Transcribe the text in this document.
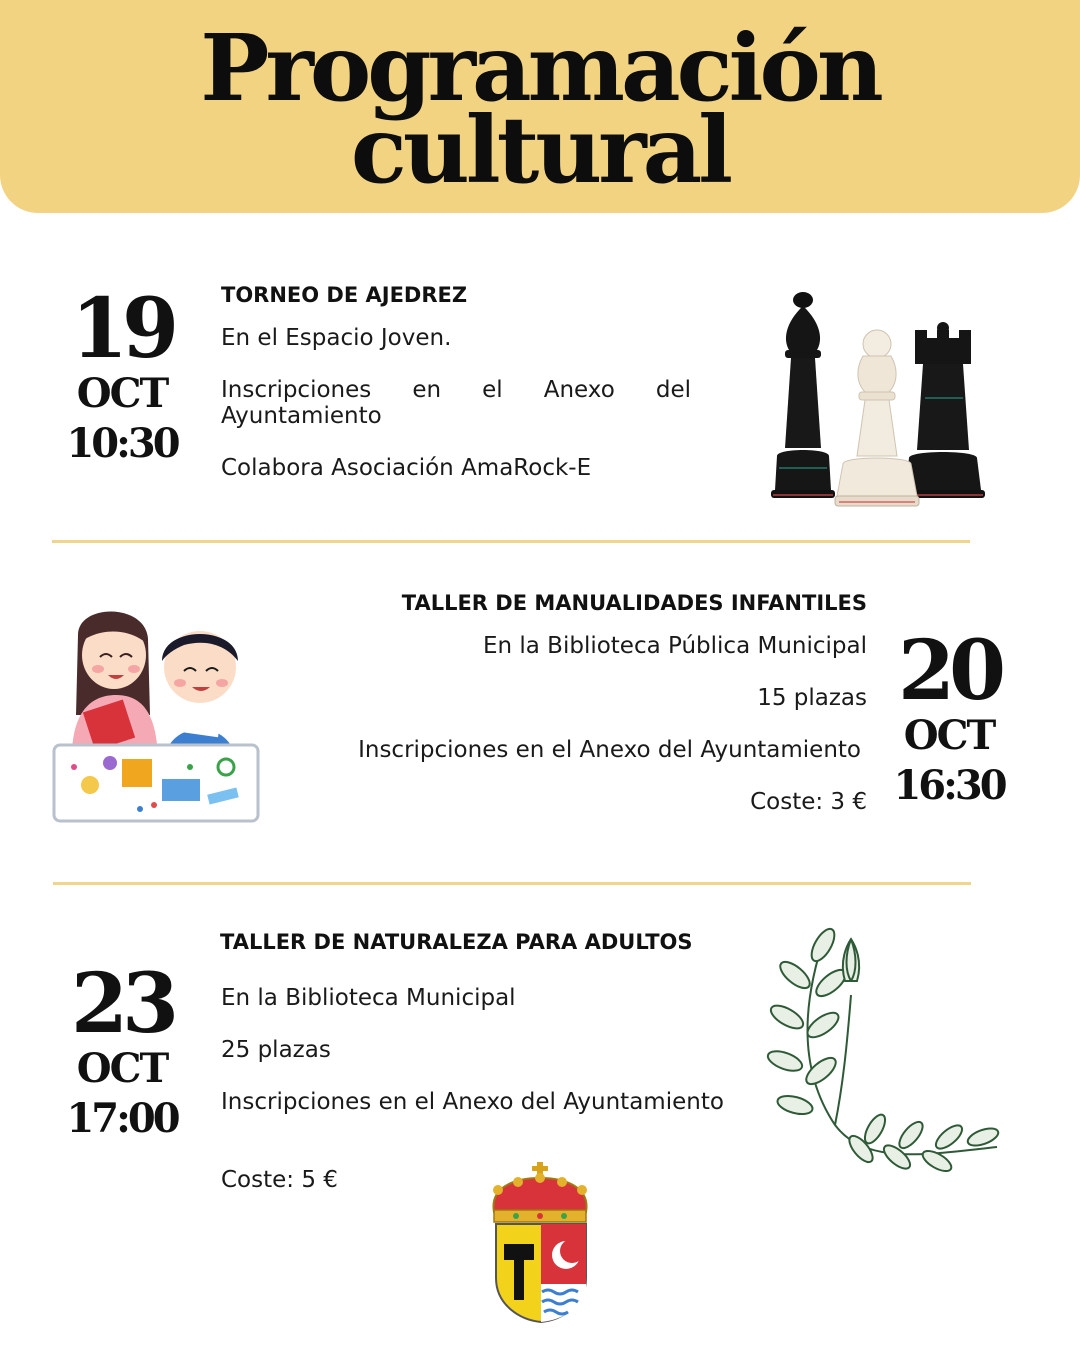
Programación
cultural
19
OCT
10:30
TORNEO DE AJEDREZ
En el Espacio Joven.
Inscripciones en el Anexo del Ayuntamiento
Colabora Asociación AmaRock-E
TALLER DE MANUALIDADES INFANTILES
En la Biblioteca Pública Municipal
15 plazas
Inscripciones en el Anexo del Ayuntamiento
Coste: 3 €
20
OCT
16:30
23
OCT
17:00
TALLER DE NATURALEZA PARA ADULTOS
En la Biblioteca Municipal
25 plazas
Inscripciones en el Anexo del Ayuntamiento
Coste: 5 €
